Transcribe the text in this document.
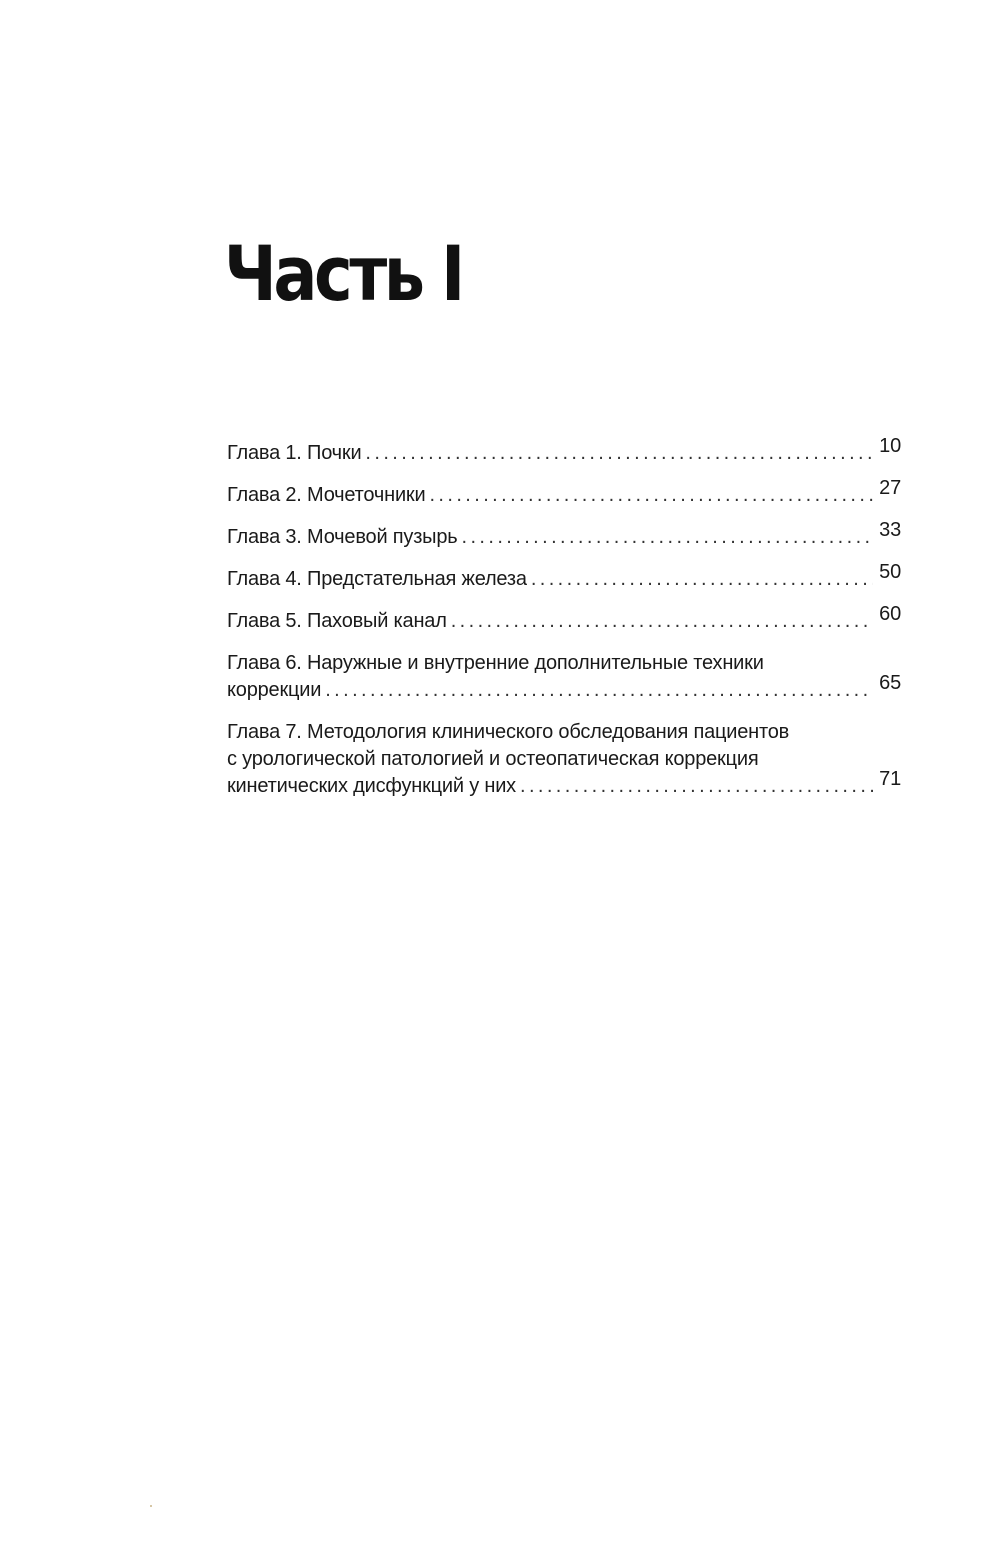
Часть I
Глава 1. Почки .....	10
Глава 2. Мочеточники .....	27
Глава 3. Мочевой пузырь .....	33
Глава 4. Предстательная железа .....	50
Глава 5. Паховый канал .....	60
Глава 6. Наружные и внутренние дополнительные техники
коррекции .....	65
Глава 7. Методология клинического обследования пациентов
с урологической патологией и остеопатическая коррекция
кинетических дисфункций у них .....	71
